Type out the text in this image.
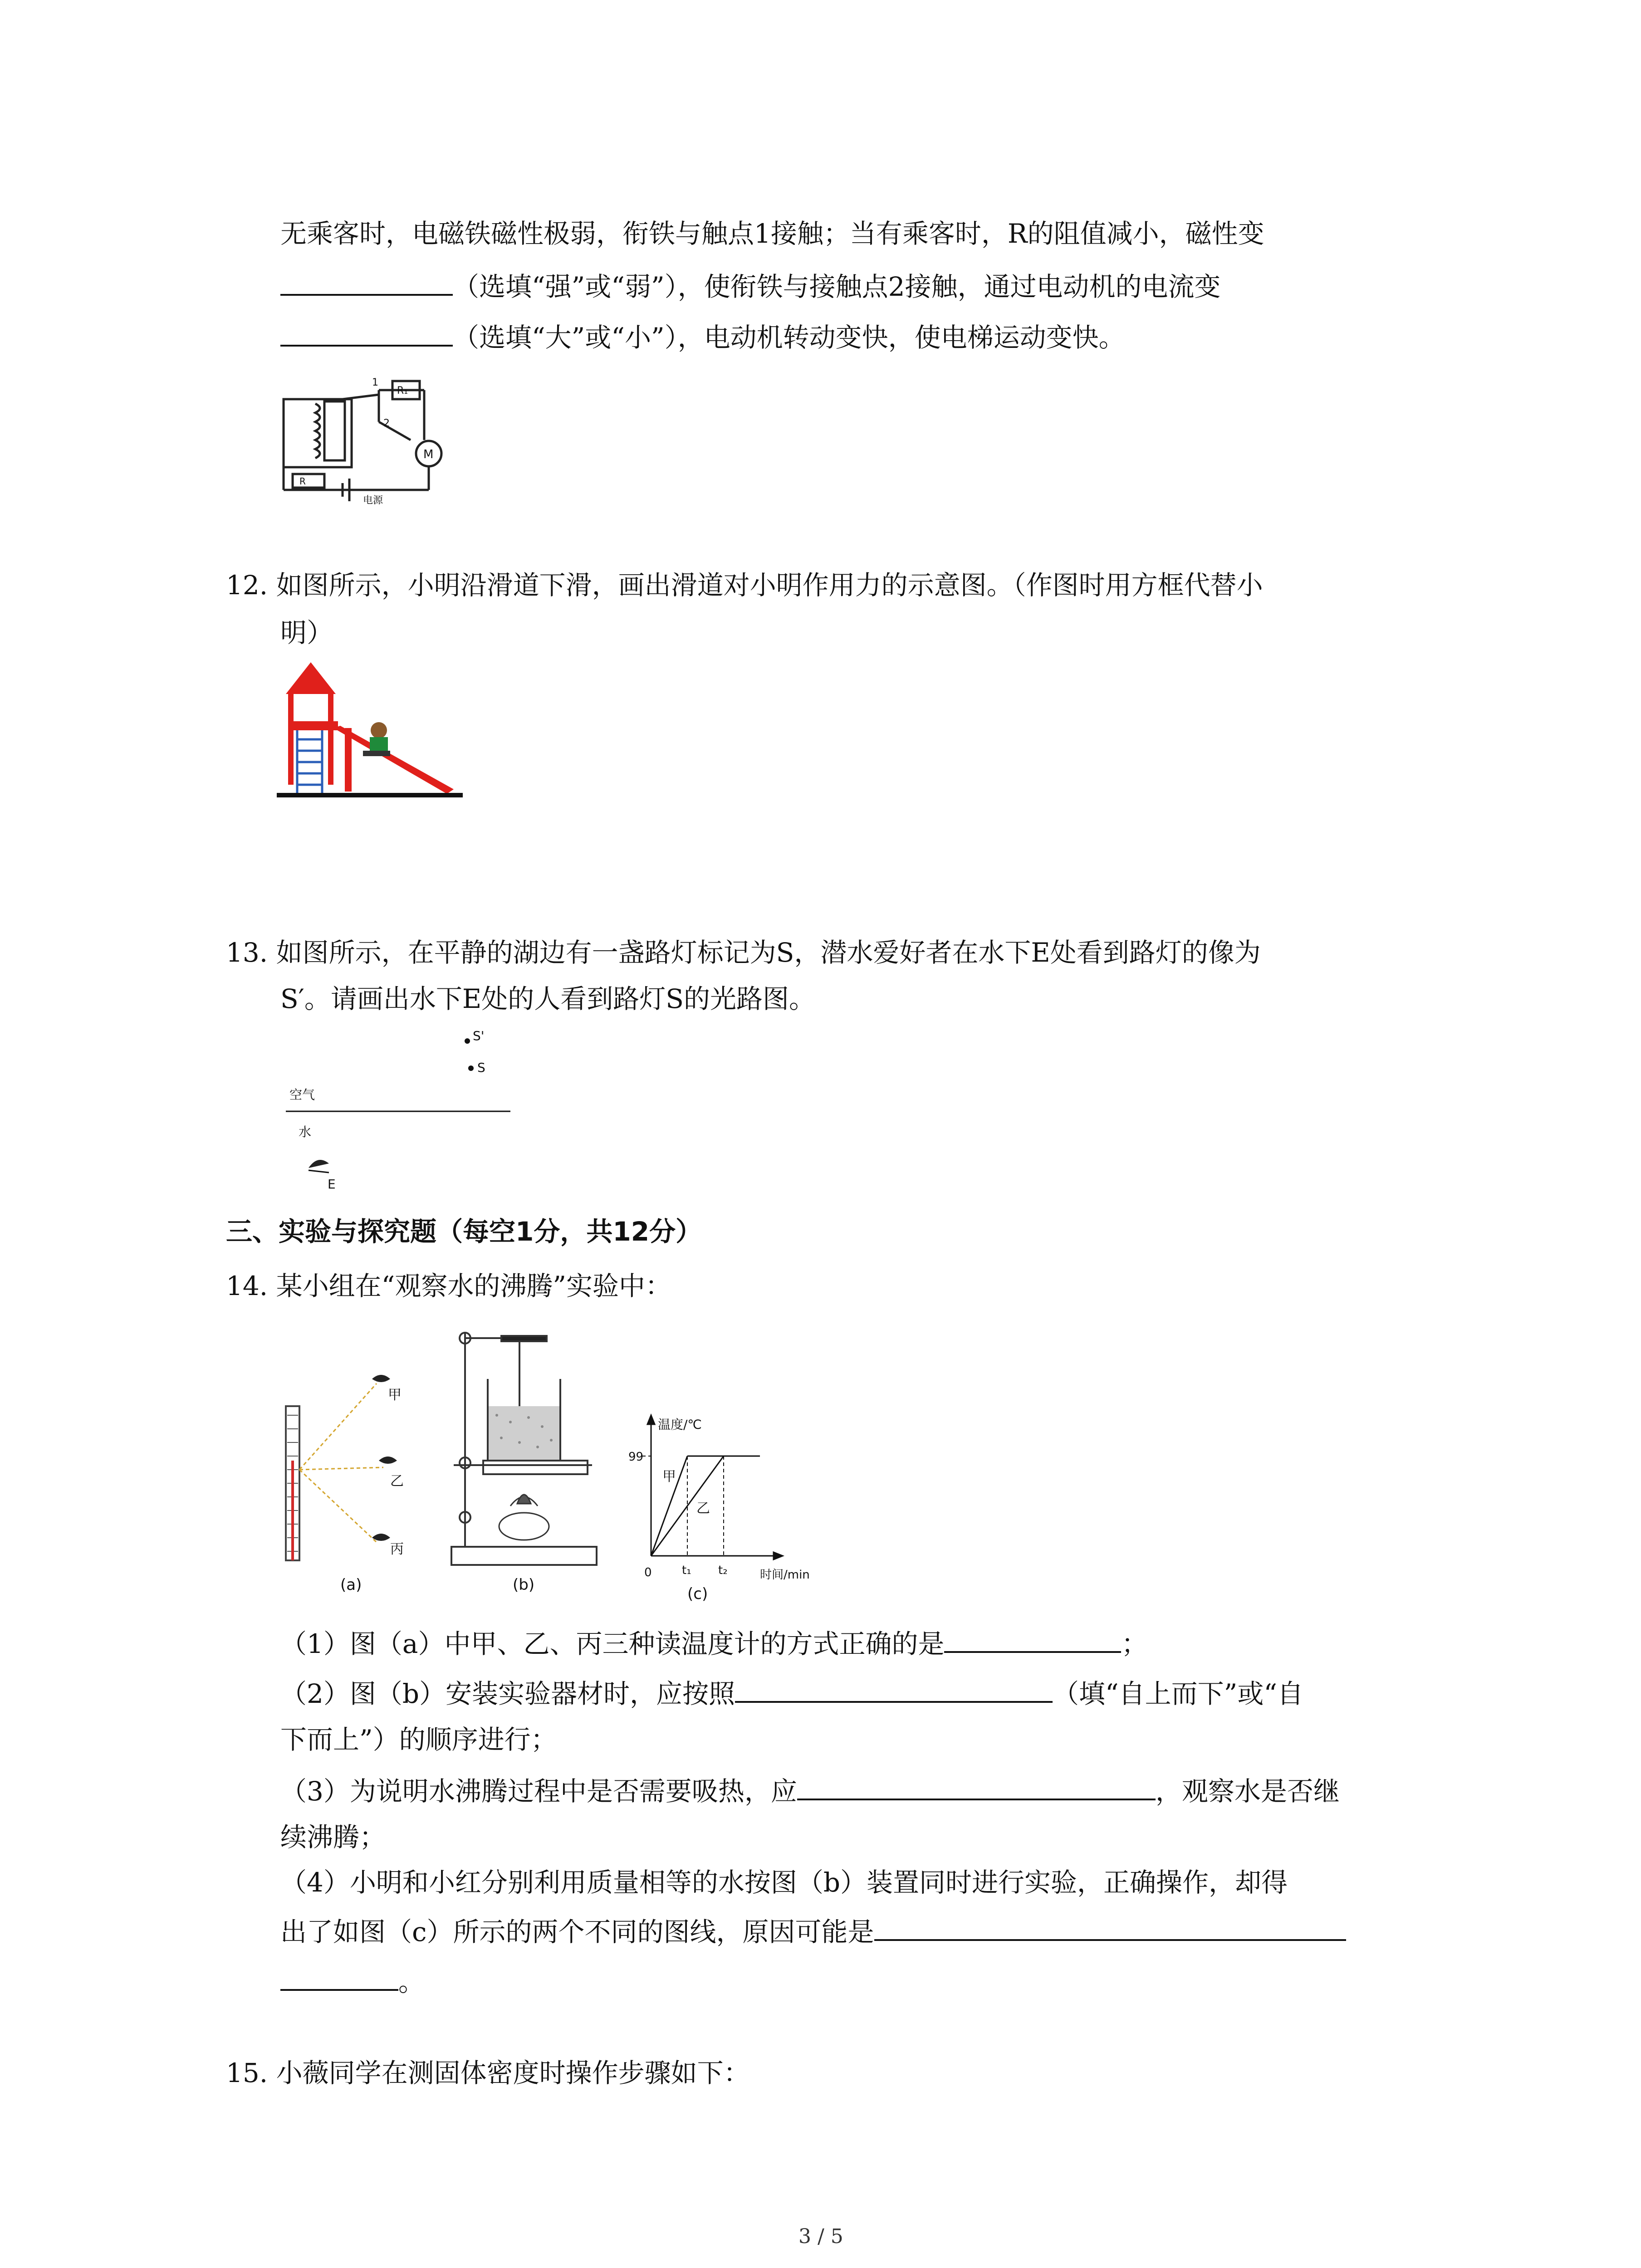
无乘客时，电磁铁磁性极弱，衔铁与触点1接触；当有乘客时，R的阻值减小，磁性变
（选填“强”或“弱”），使衔铁与接触点2接触，通过电动机的电流变
（选填“大”或“小”），电动机转动变快，使电梯运动变快。
R₁
1
2
M
R
电源
12. 如图所示，小明沿滑道下滑，画出滑道对小明作用力的示意图。（作图时用方框代替小
明）
13. 如图所示，在平静的湖边有一盏路灯标记为S，潜水爱好者在水下E处看到路灯的像为
S′。请画出水下E处的人看到路灯S的光路图。
S'
S
空气
水
E
三、实验与探究题（每空1分，共12分）
14. 某小组在“观察水的沸腾”实验中：
甲
乙
丙
(a)	(b)
温度/℃
99
甲
乙
0	t₁ t₂	时间/min
(c)
（1）图（a）中甲、乙、丙三种读温度计的方式正确的是	；
（2）图（b）安装实验器材时，应按照	（填“自上而下”或“自
下而上”）的顺序进行；
（3）为说明水沸腾过程中是否需要吸热，应	，观察水是否继
续沸腾；
（4）小明和小红分别利用质量相等的水按图（b）装置同时进行实验，正确操作，却得
出了如图（c）所示的两个不同的图线，原因可能是
。
15. 小薇同学在测固体密度时操作步骤如下：
3 / 5
